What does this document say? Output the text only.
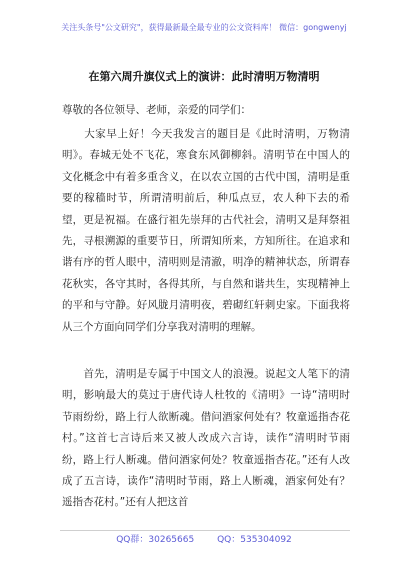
关注头条号"公文研究"，获得最新最全最专业的公文资料库！ 微信：gongwenyj
在第六周升旗仪式上的演讲：此时清明万物清明
尊敬的各位领导、老师，亲爱的同学们：
　　大家早上好！今天我发言的题目是《此时清明，万物清明》。春城无处不飞花，寒食东风御柳斜。清明节在中国人的文化概念中有着多重含义，在以农立国的古代中国，清明是重要的稼穑时节，所谓清明前后，种瓜点豆，农人种下去的希望，更是祝福。在盛行祖先崇拜的古代社会，清明又是拜祭祖先，寻根溯源的重要节日，所谓知所来，方知所往。在追求和谐有序的哲人眼中，清明则是清澈，明净的精神状态，所谓春花秋实，各守其时，各得其所，与自然和谐共生，实现精神上的平和与守静。好风胧月清明夜，碧砌红轩刺史家。下面我将从三个方面向同学们分享我对清明的理解。
　　首先，清明是专属于中国文人的浪漫。说起文人笔下的清明，影响最大的莫过于唐代诗人杜牧的《清明》一诗“清明时节雨纷纷，路上行人欲断魂。借问酒家何处有？牧童遥指杏花村。”这首七言诗后来又被人改成六言诗，读作“清明时节雨纷，路上行人断魂。借问酒家何处？牧童遥指杏花。”还有人改成了五言诗，读作“清明时节雨，路上人断魂，酒家何处有？遥指杏花村。”还有人把这首
QQ群：30265665	QQ：535304092
